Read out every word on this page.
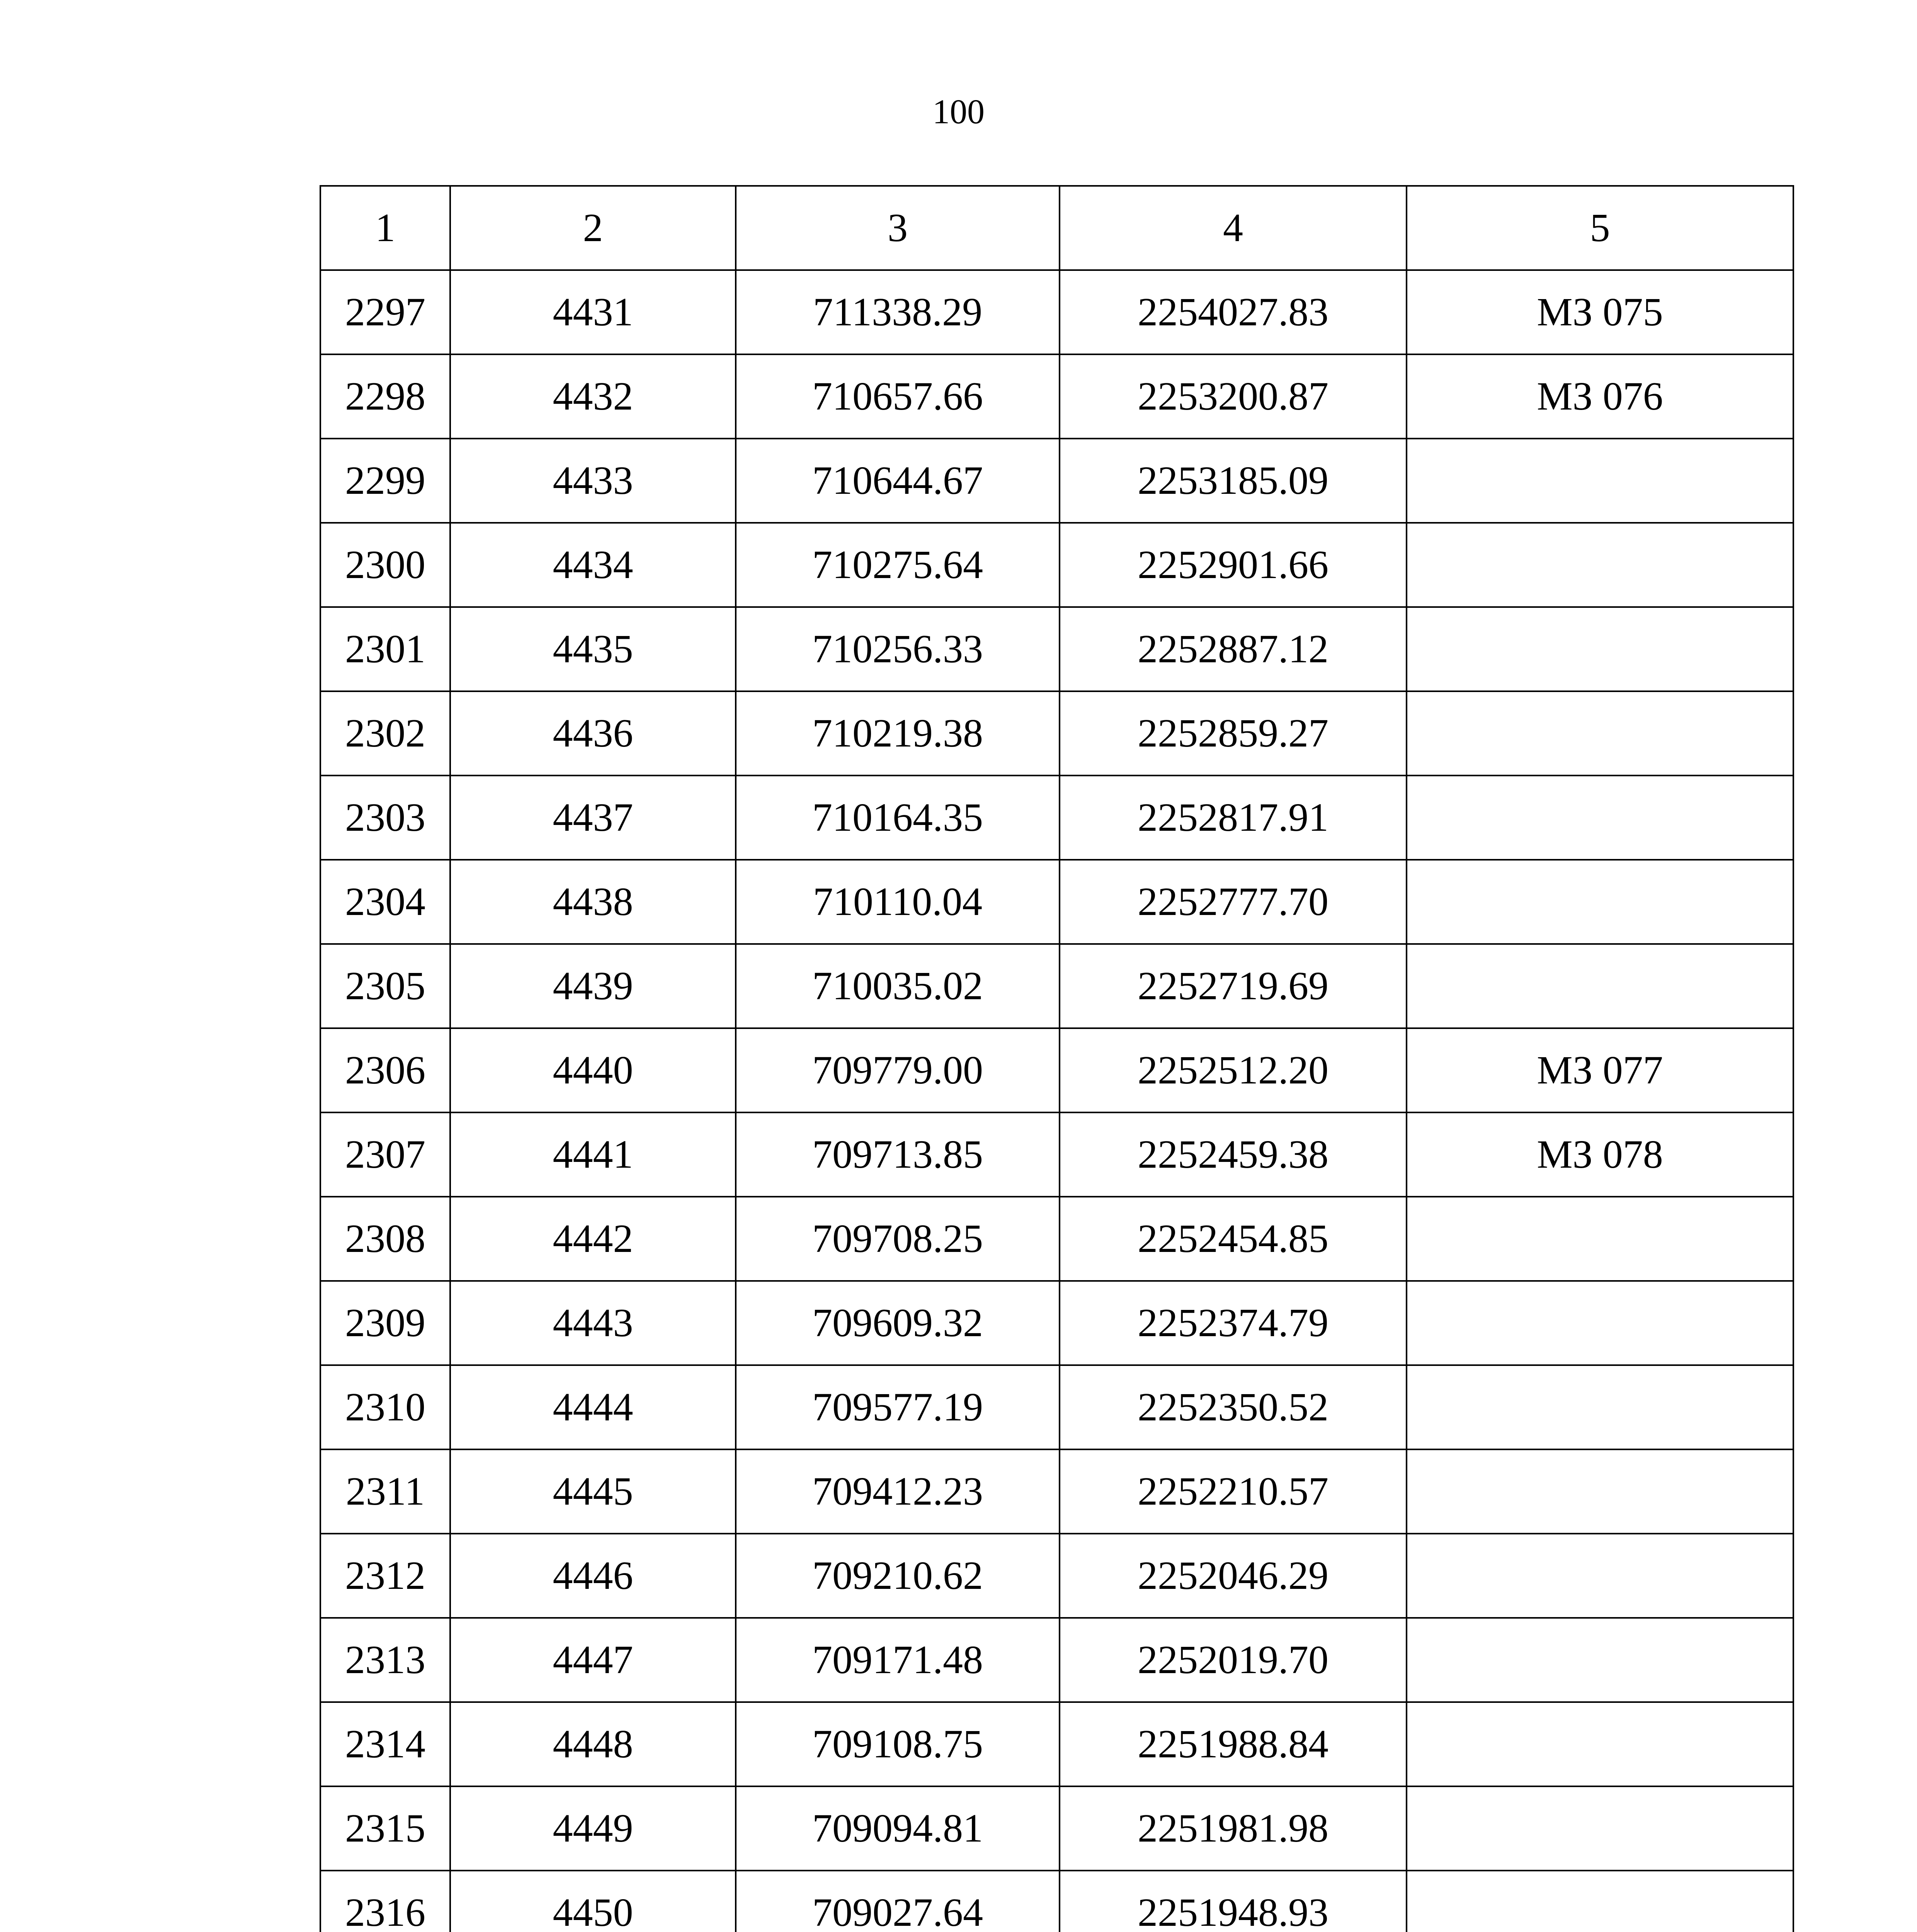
100
1	2	3	4	5
2297	4431	711338.29	2254027.83	МЗ 075
2298	4432	710657.66	2253200.87	МЗ 076
2299	4433	710644.67	2253185.09	
2300	4434	710275.64	2252901.66	
2301	4435	710256.33	2252887.12	
2302	4436	710219.38	2252859.27	
2303	4437	710164.35	2252817.91	
2304	4438	710110.04	2252777.70	
2305	4439	710035.02	2252719.69	
2306	4440	709779.00	2252512.20	МЗ 077
2307	4441	709713.85	2252459.38	МЗ 078
2308	4442	709708.25	2252454.85	
2309	4443	709609.32	2252374.79	
2310	4444	709577.19	2252350.52	
2311	4445	709412.23	2252210.57	
2312	4446	709210.62	2252046.29	
2313	4447	709171.48	2252019.70	
2314	4448	709108.75	2251988.84	
2315	4449	709094.81	2251981.98	
2316	4450	709027.64	2251948.93	
